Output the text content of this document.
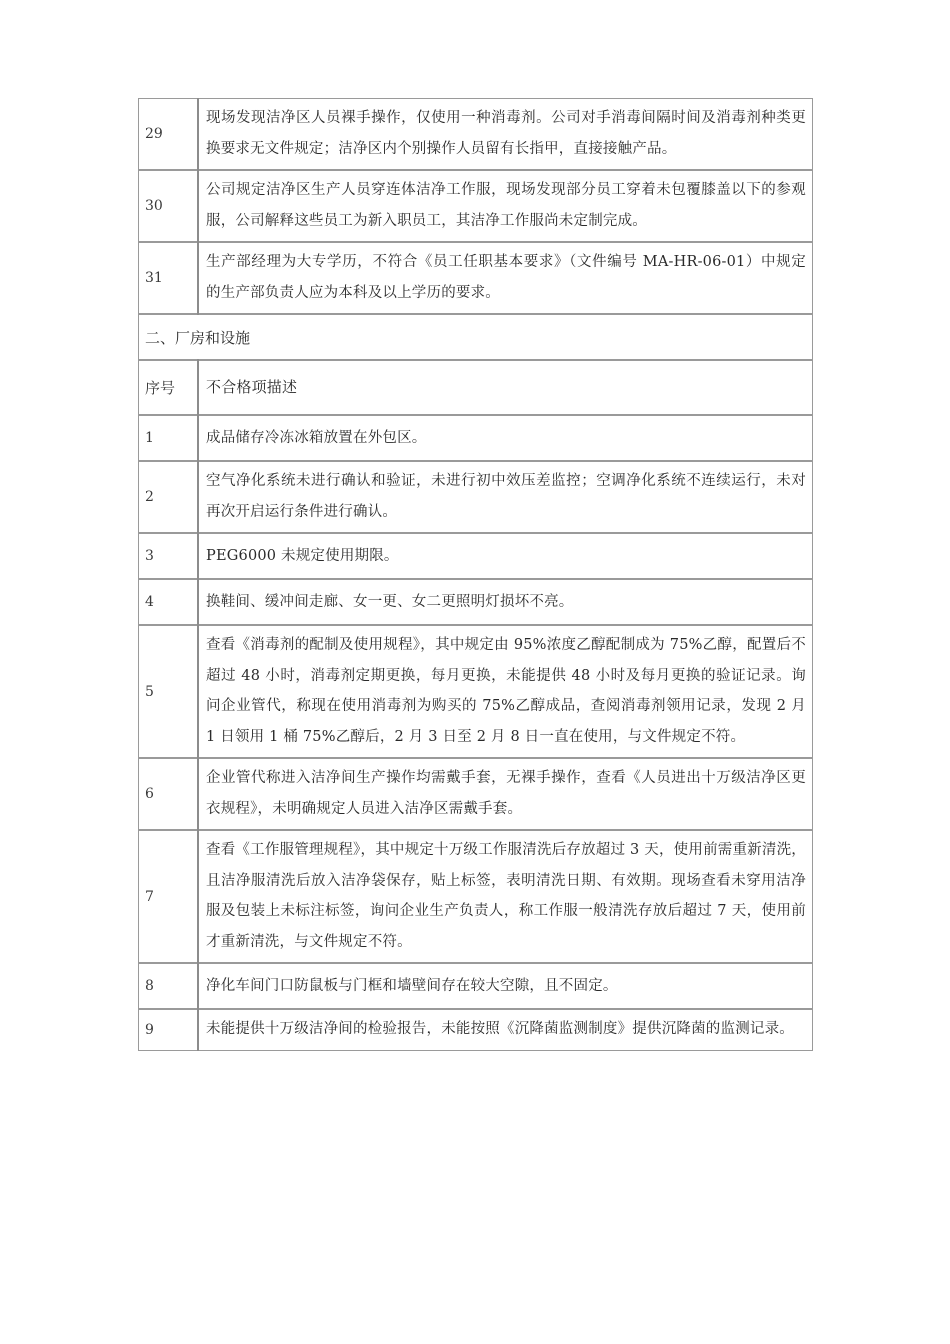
29	现场发现洁净区人员裸手操作，仅使用一种消毒剂。公司对手消毒间隔时间及消毒剂种类更换要求无文件规定；洁净区内个别操作人员留有长指甲，直接接触产品。
30	公司规定洁净区生产人员穿连体洁净工作服，现场发现部分员工穿着未包覆膝盖以下的参观服，公司解释这些员工为新入职员工，其洁净工作服尚未定制完成。
31	生产部经理为大专学历，不符合《员工任职基本要求》（文件编号 MA-HR-06-01）中规定的生产部负责人应为本科及以上学历的要求。
二、厂房和设施	
序号	不合格项描述
1	成品储存冷冻冰箱放置在外包区。
2	空气净化系统未进行确认和验证，未进行初中效压差监控；空调净化系统不连续运行，未对再次开启运行条件进行确认。
3	PEG6000 未规定使用期限。
4	换鞋间、缓冲间走廊、女一更、女二更照明灯损坏不亮。
5	查看《消毒剂的配制及使用规程》，其中规定由 95%浓度乙醇配制成为 75%乙醇，配置后不超过 48 小时，消毒剂定期更换，每月更换，未能提供 48 小时及每月更换的验证记录。询问企业管代，称现在使用消毒剂为购买的 75%乙醇成品，查阅消毒剂领用记录，发现 2 月 1 日领用 1 桶 75%乙醇后，2 月 3 日至 2 月 8 日一直在使用，与文件规定不符。
6	企业管代称进入洁净间生产操作均需戴手套，无裸手操作，查看《人员进出十万级洁净区更衣规程》，未明确规定人员进入洁净区需戴手套。
7	查看《工作服管理规程》，其中规定十万级工作服清洗后存放超过 3 天，使用前需重新清洗，且洁净服清洗后放入洁净袋保存，贴上标签，表明清洗日期、有效期。现场查看未穿用洁净服及包装上未标注标签，询问企业生产负责人，称工作服一般清洗存放后超过 7 天，使用前才重新清洗，与文件规定不符。
8	净化车间门口防鼠板与门框和墙壁间存在较大空隙，且不固定。
9	未能提供十万级洁净间的检验报告，未能按照《沉降菌监测制度》提供沉降菌的监测记录。
